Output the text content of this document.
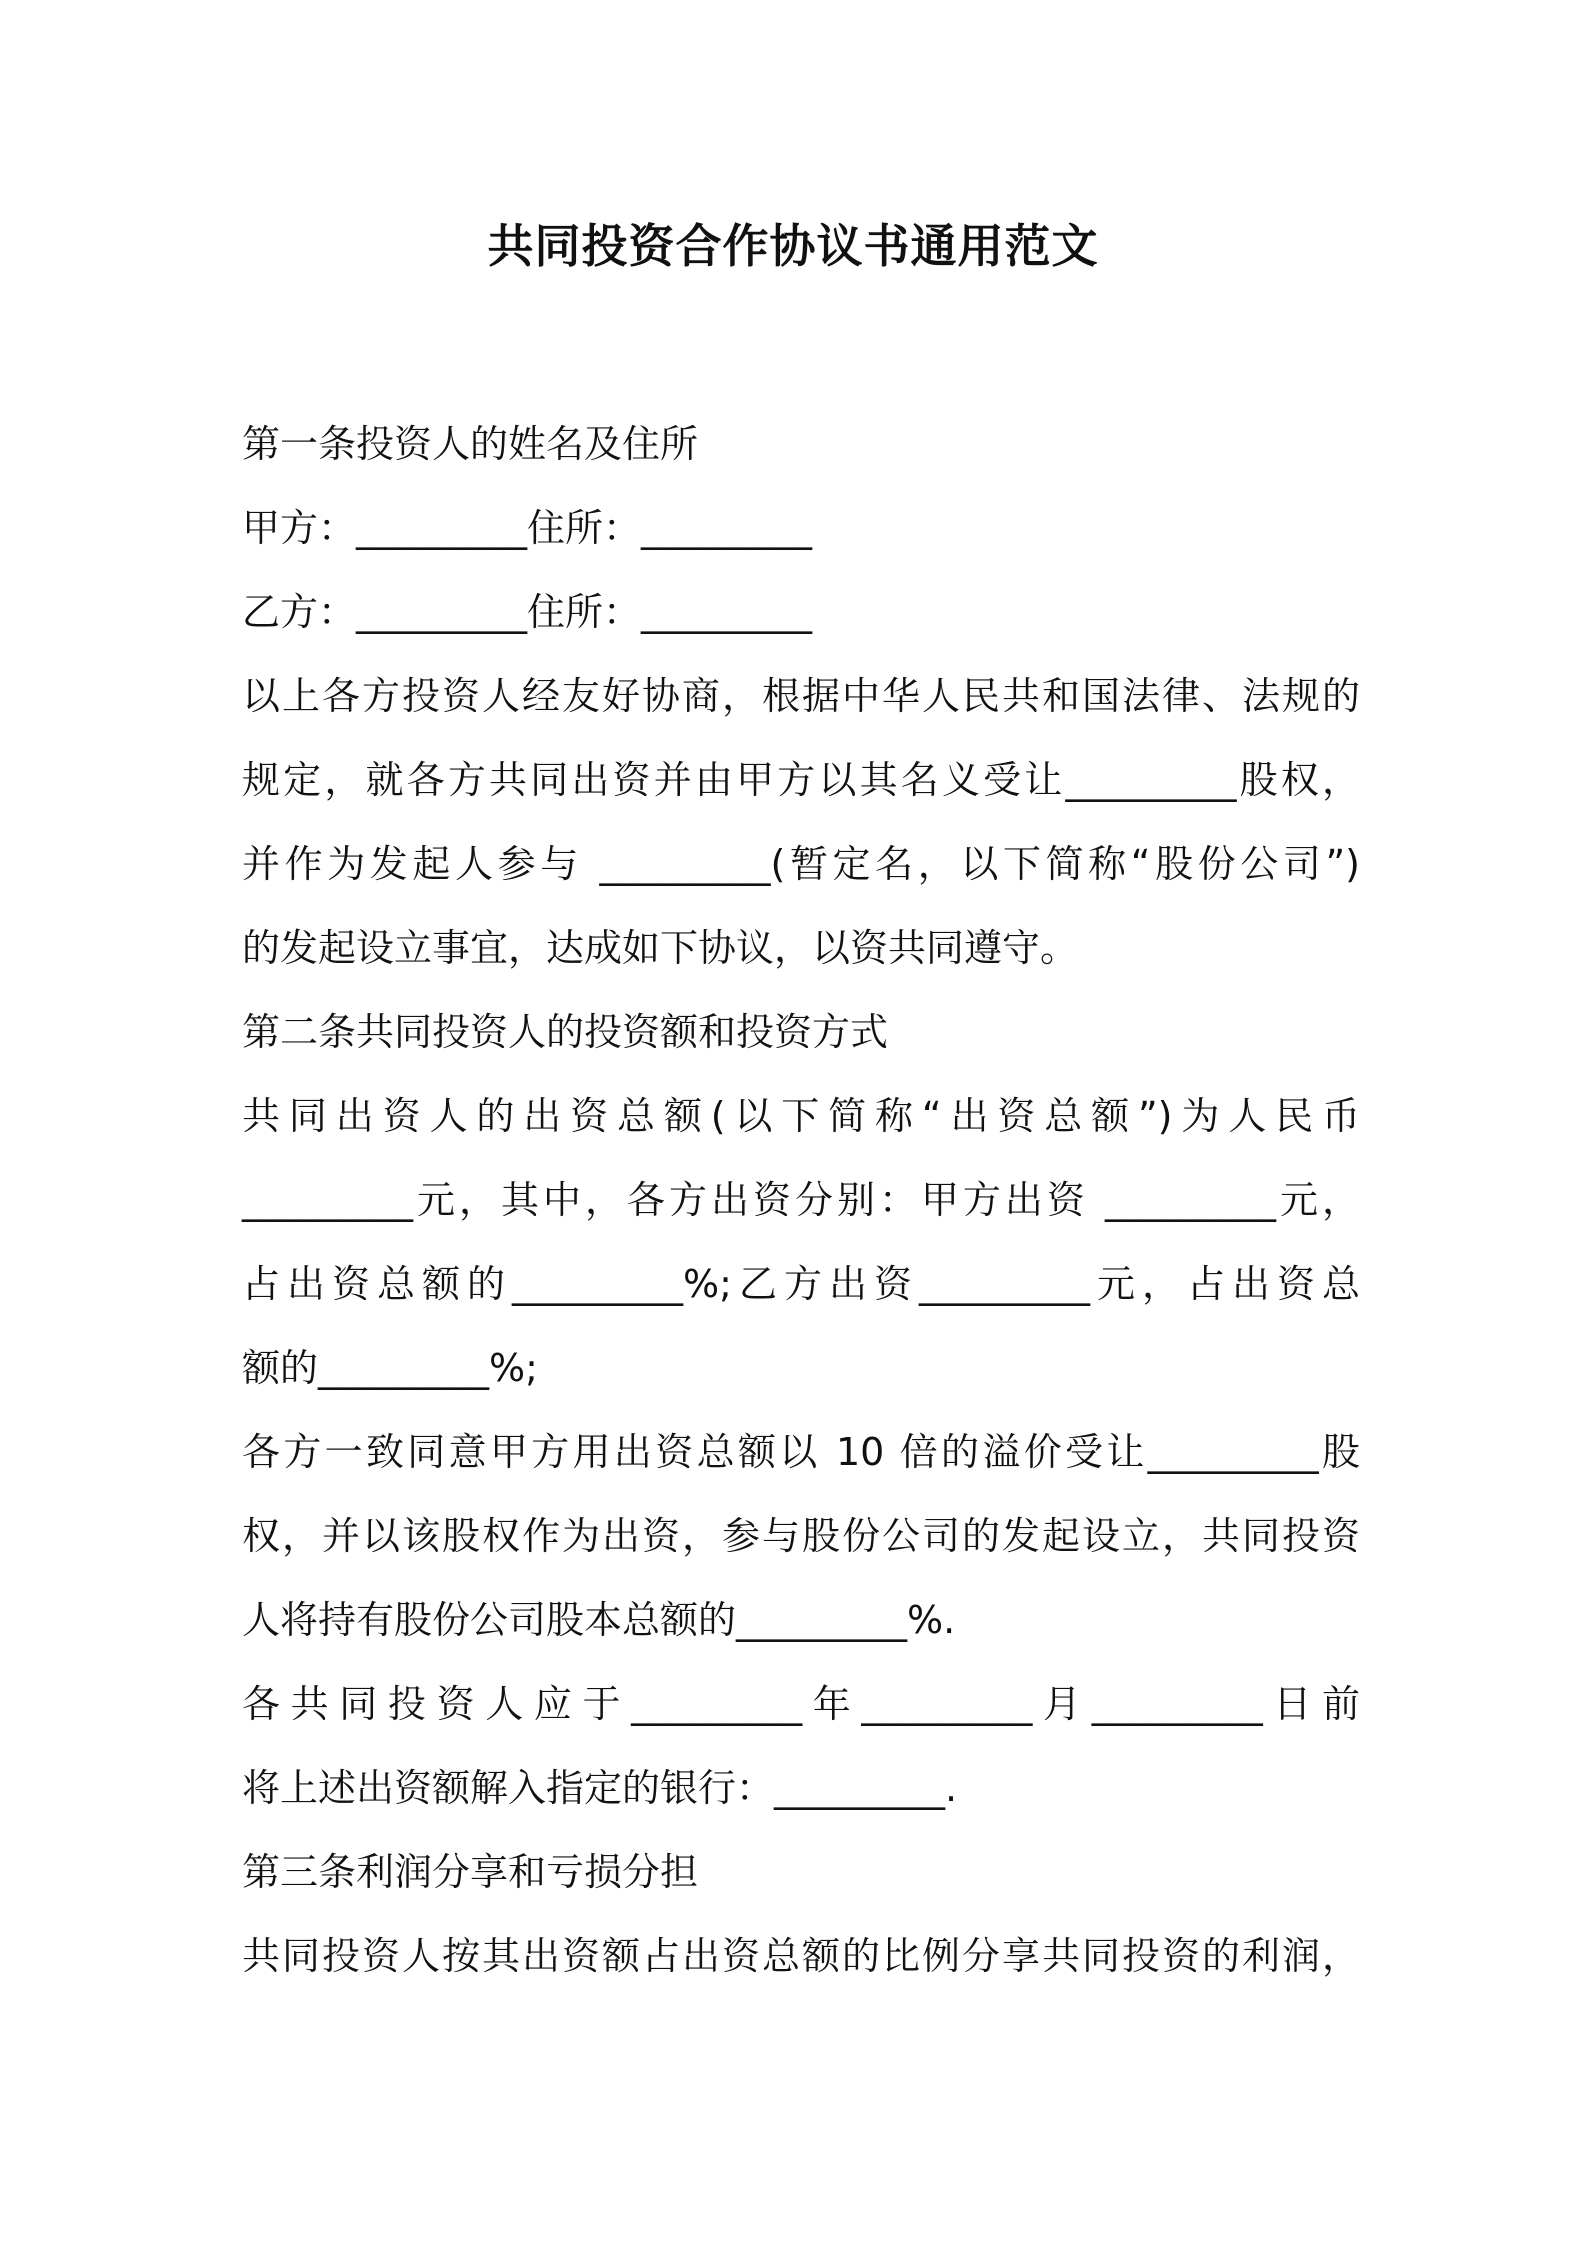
共同投资合作协议书通用范文
第一条投资人的姓名及住所
甲方：_________住所：_________
乙方：_________住所：_________
以上各方投资人经友好协商，根据中华人民共和国法律、法规的
规定，就各方共同出资并由甲方以其名义受让_________股权，
并作为发起人参与 _________(暂定名，以下简称“股份公司”)
的发起设立事宜，达成如下协议，以资共同遵守。
第二条共同投资人的投资额和投资方式
共同出资人的出资总额(以下简称“出资总额”)为人民币
_________元，其中，各方出资分别：甲方出资 _________元，
占出资总额的_________%;乙方出资_________元，占出资总
额的_________%;
各方一致同意甲方用出资总额以 10 倍的溢价受让_________股
权，并以该股权作为出资，参与股份公司的发起设立，共同投资
人将持有股份公司股本总额的_________%.
各共同投资人应于_________年_________月_________日前
将上述出资额解入指定的银行：_________.
第三条利润分享和亏损分担
共同投资人按其出资额占出资总额的比例分享共同投资的利润，
